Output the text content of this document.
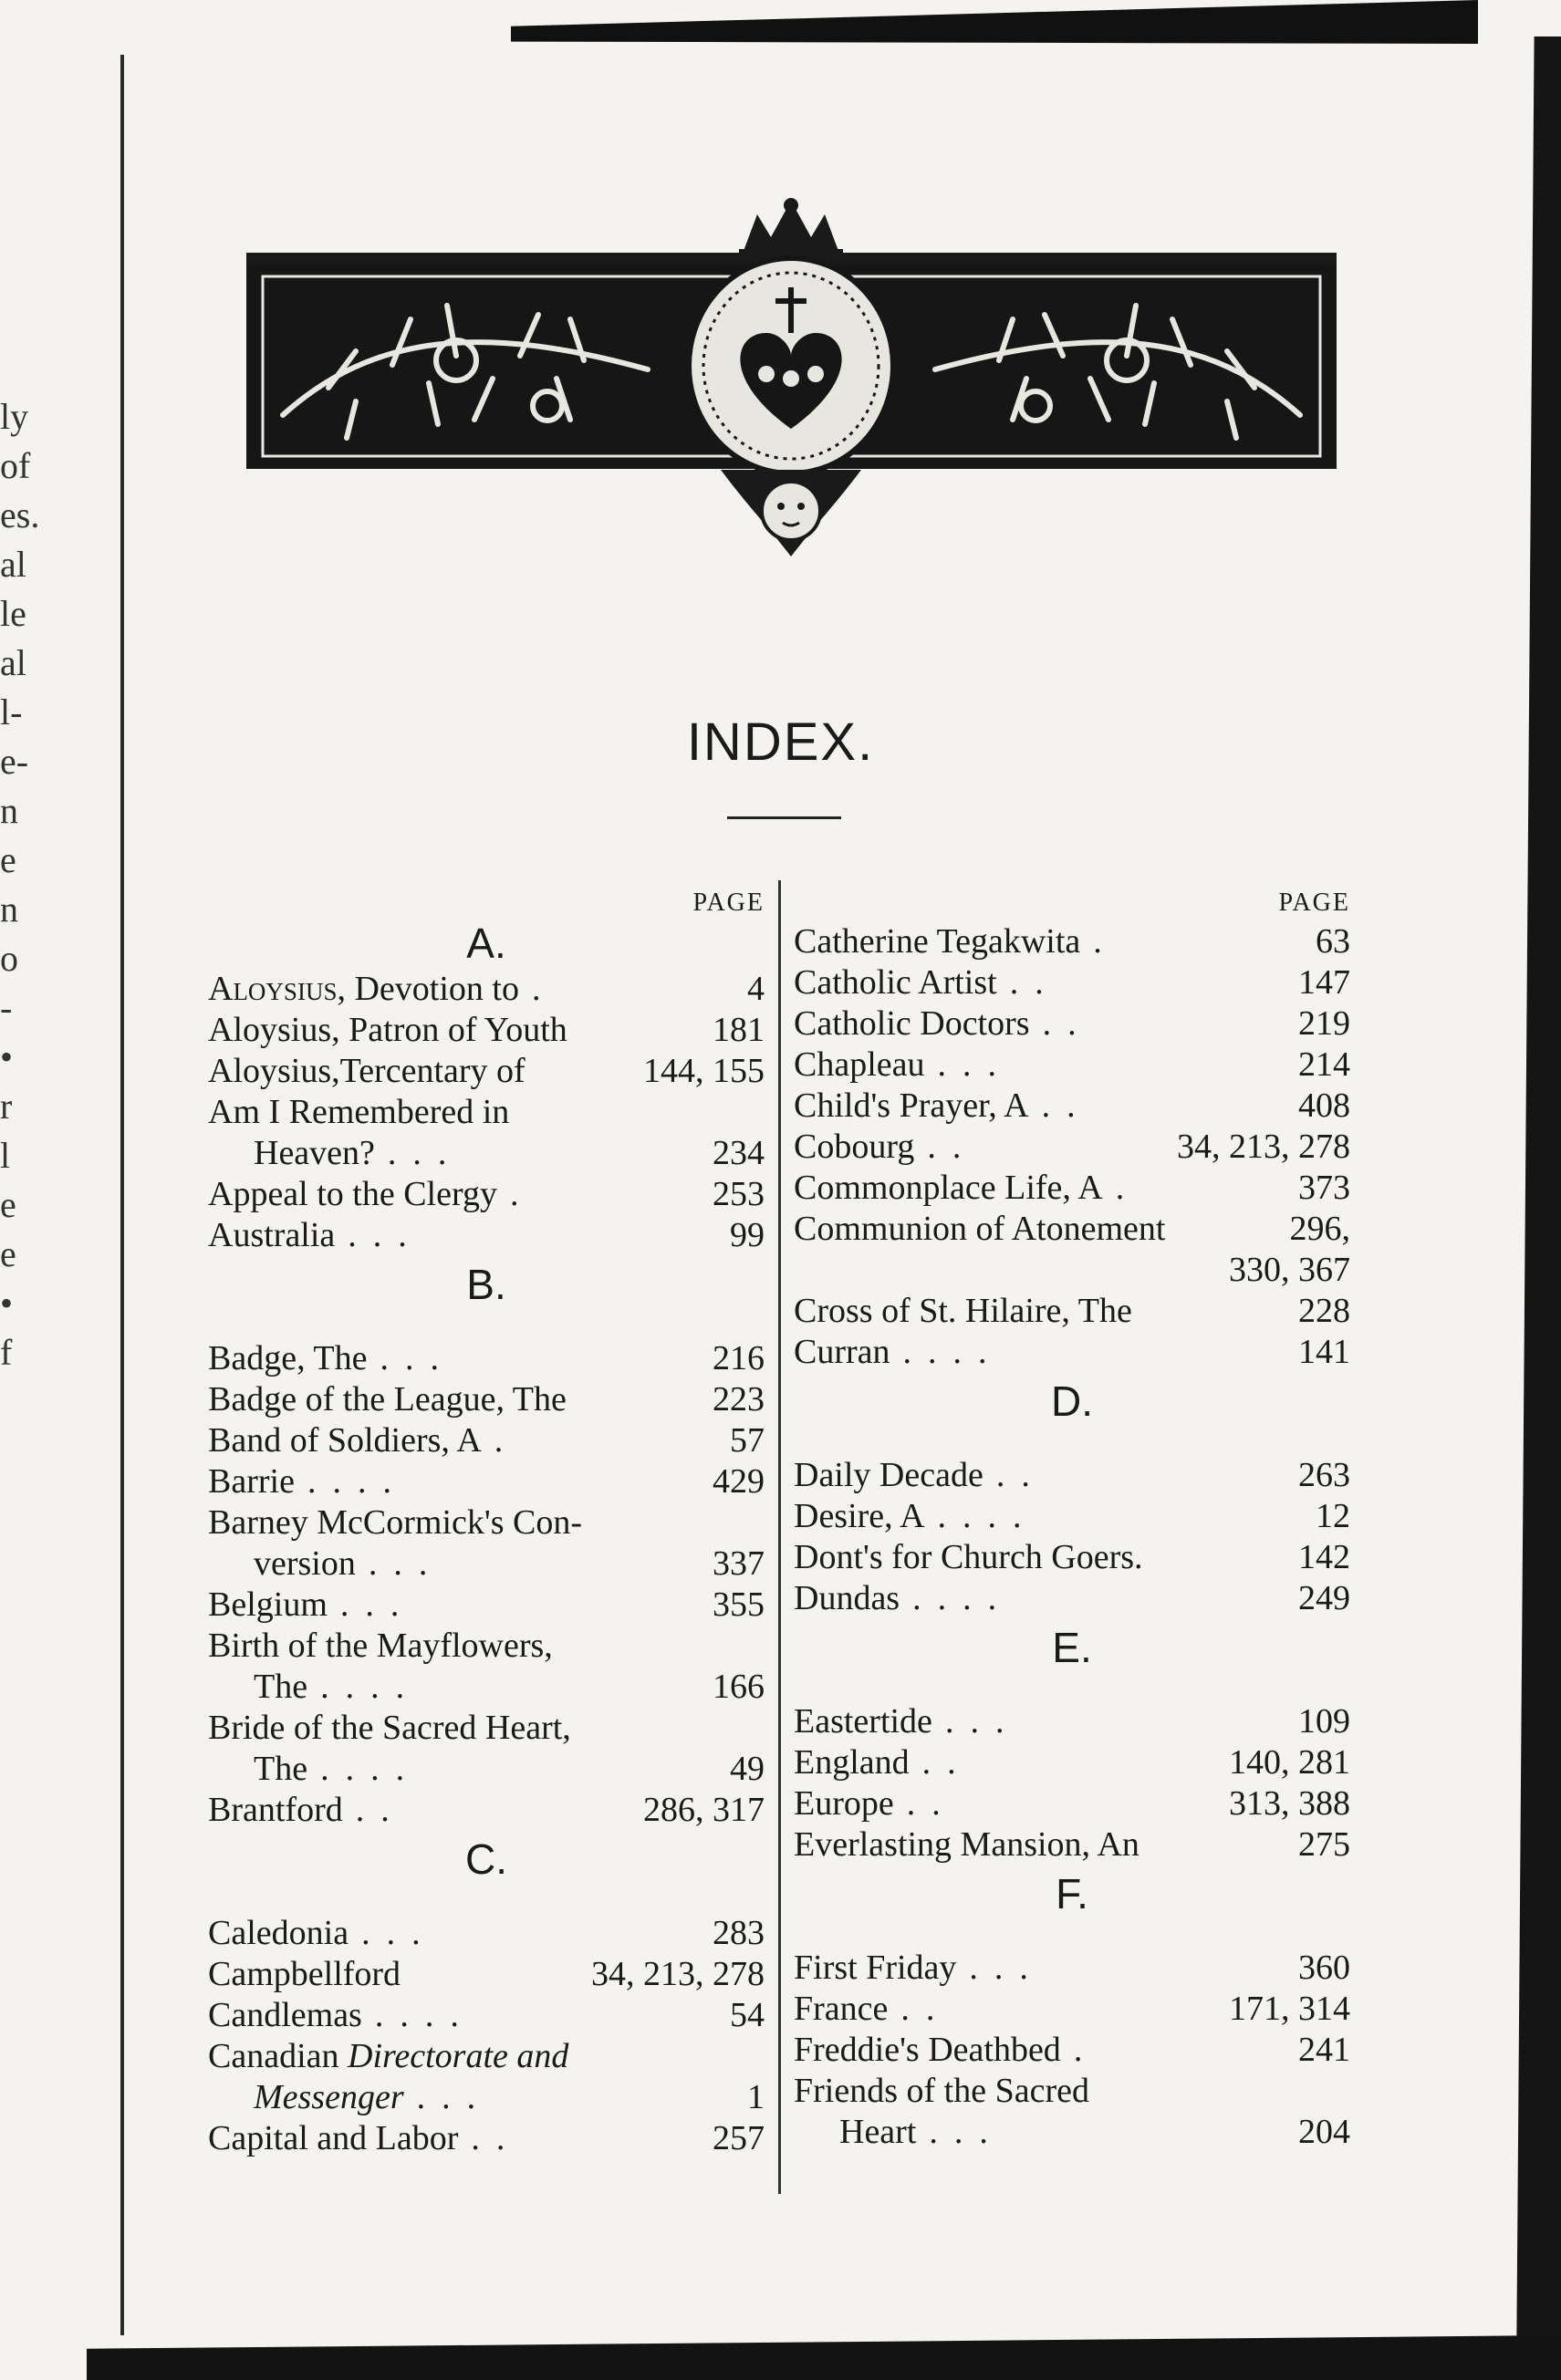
ly
of
es.
al
le
al
l-
e-
n
e
n
o
-
•
r
l
e
e
•
f
INDEX.
PAGE
A.
Aloysius, Devotion to .	4
Aloysius, Patron of Youth	181
Aloysius,Tercentary of	144, 155
Am I Remembered in
Heaven? ...	234
Appeal to the Clergy .	253
Australia ...	99
B.
Badge, The ...	216
Badge of the League, The	223
Band of Soldiers, A .	57
Barrie ....	429
Barney McCormick's Con-
version ...	337
Belgium ...	355
Birth of the Mayflowers,
The ....	166
Bride of the Sacred Heart,
The ....	49
Brantford ..	286, 317
C.
Caledonia ...	283
Campbellford	34, 213, 278
Candlemas ....	54
Canadian Directorate and
Messenger ...	1
Capital and Labor ..	257
PAGE
Catherine Tegakwita .	63
Catholic Artist ..	147
Catholic Doctors ..	219
Chapleau ...	214
Child's Prayer, A ..	408
Cobourg ..	34, 213, 278
Commonplace Life, A .	373
Communion of Atonement	296,
330, 367
Cross of St. Hilaire, The	228
Curran ....	141
D.
Daily Decade ..	263
Desire, A ....	12
Dont's for Church Goers.	142
Dundas ....	249
E.
Eastertide ...	109
England ..	140, 281
Europe ..	313, 388
Everlasting Mansion, An	275
F.
First Friday ...	360
France ..	171, 314
Freddie's Deathbed .	241
Friends of the Sacred
Heart ...	204
